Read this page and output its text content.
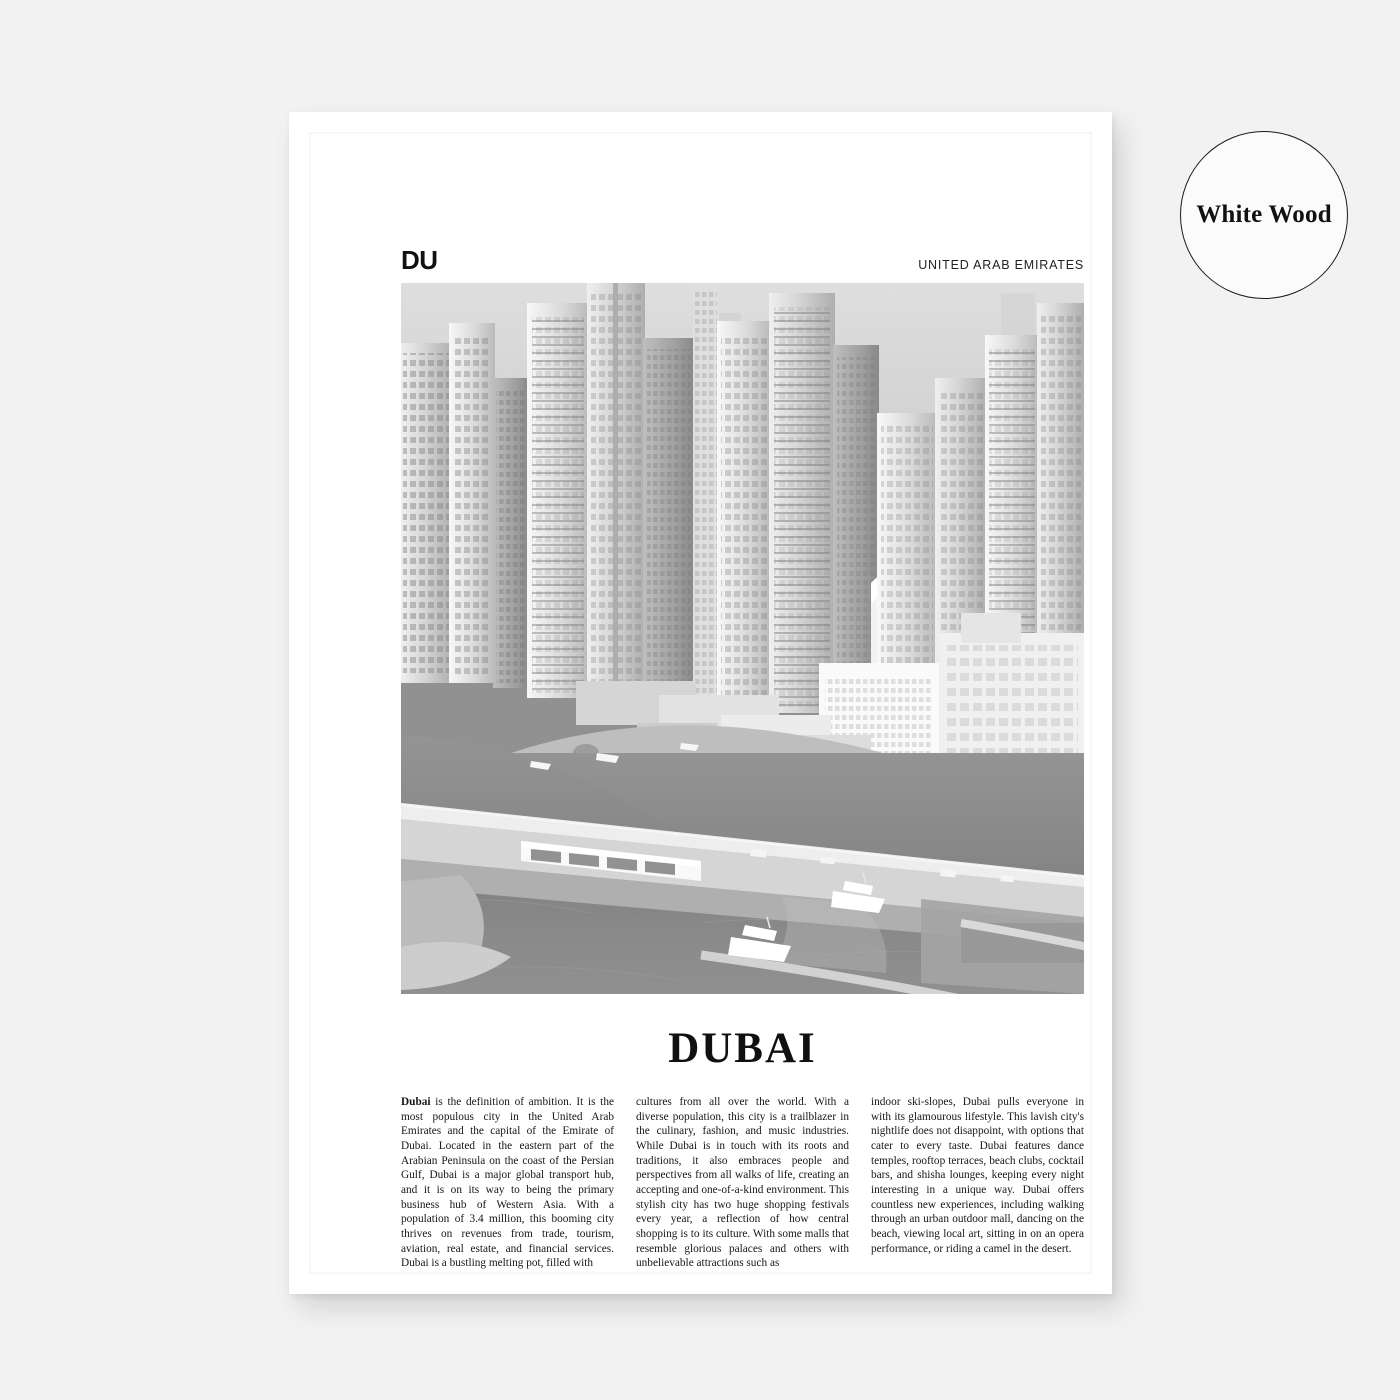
White Wood
DU	UNITED ARAB EMIRATES
DUBAI
Dubai is the definition of ambition. It is the most populous city in the United Arab Emirates and the capital of the Emirate of Dubai. Located in the eastern part of the Arabian Peninsula on the coast of the Persian Gulf, Dubai is a major global transport hub, and it is on its way to being the primary business hub of Western Asia. With a population of 3.4 million, this booming city thrives on revenues from trade, tourism, aviation, real estate, and financial services. Dubai is a bustling melting pot, filled with
cultures from all over the world. With a diverse population, this city is a trailblazer in the culinary, fashion, and music industries. While Dubai is in touch with its roots and traditions, it also embraces people and perspectives from all walks of life, creating an accepting and one-of-a-kind environment. This stylish city has two huge shopping festivals every year, a reflection of how central shopping is to its culture. With some malls that resemble glorious palaces and others with unbelievable attractions such as
indoor ski-slopes, Dubai pulls everyone in with its glamourous lifestyle. This lavish city's nightlife does not disappoint, with options that cater to every taste. Dubai features dance temples, rooftop terraces, beach clubs, cocktail bars, and shisha lounges, keeping every night interesting in a unique way. Dubai offers countless new experiences, including walking through an urban outdoor mall, dancing on the beach, viewing local art, sitting in on an opera performance, or riding a camel in the desert.
